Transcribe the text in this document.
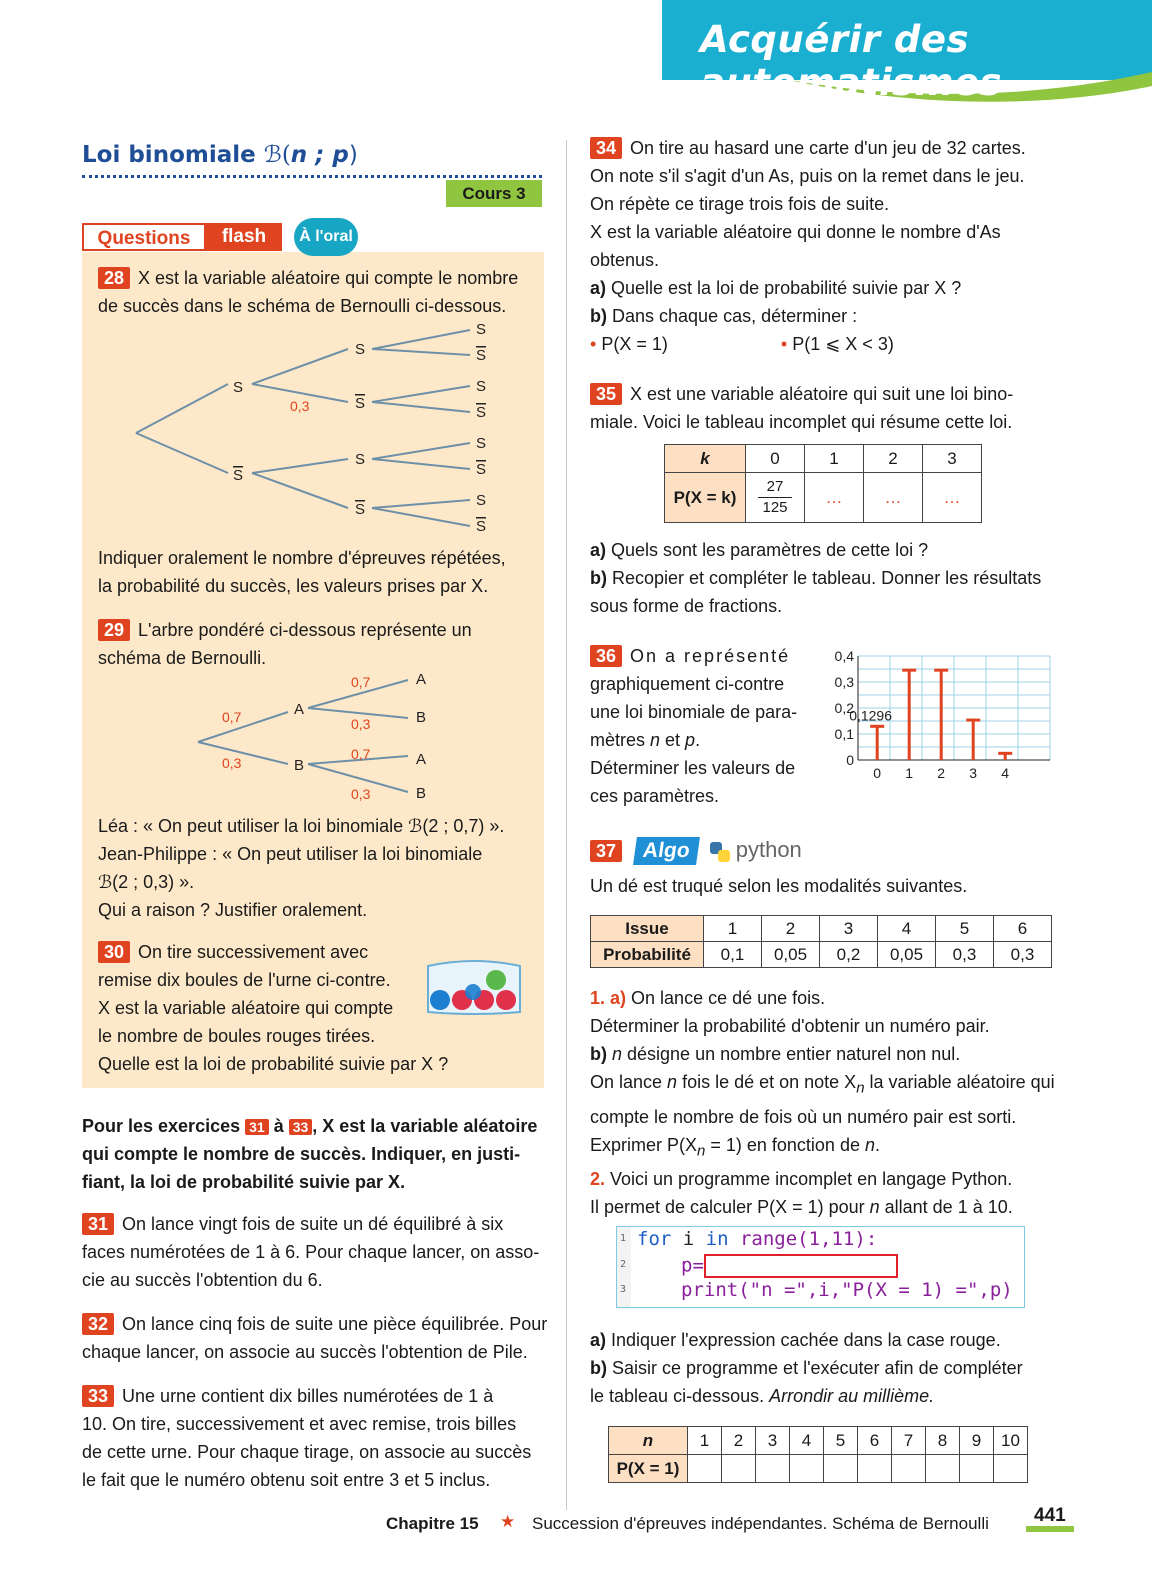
Acquérir des automatismes
Loi binomiale ℬ(n ; p)
Cours 3
Questions	flash	À l'oral
28 X est la variable aléatoire qui compte le nombre
de succès dans le schéma de Bernoulli ci-dessous.
S
S
S
S
S
S
S
S
S
S
S
S
S
S
0,3
Indiquer oralement le nombre d'épreuves répétées,
la probabilité du succès, les valeurs prises par X.
29 L'arbre pondéré ci-dessous représente un
schéma de Bernoulli.
A
B
A
B
A
B
0,7
0,3
0,7
0,3
0,7
0,3
Léa : « On peut utiliser la loi binomiale ℬ(2 ; 0,7) ».
Jean-Philippe : « On peut utiliser la loi binomiale
ℬ(2 ; 0,3) ».
Qui a raison ? Justifier oralement.
30 On tire successivement avec
remise dix boules de l'urne ci-contre.
X est la variable aléatoire qui compte
le nombre de boules rouges tirées.
Quelle est la loi de probabilité suivie par X ?
Pour les exercices 31 à 33 , X est la variable aléatoire
qui compte le nombre de succès. Indiquer, en justi-
fiant, la loi de probabilité suivie par X.
31 On lance vingt fois de suite un dé équilibré à six
faces numérotées de 1 à 6. Pour chaque lancer, on asso-
cie au succès l'obtention du 6.
32 On lance cinq fois de suite une pièce équilibrée. Pour
chaque lancer, on associe au succès l'obtention de Pile.
33 Une urne contient dix billes numérotées de 1 à
10. On tire, successivement et avec remise, trois billes
de cette urne. Pour chaque tirage, on associe au succès
le fait que le numéro obtenu soit entre 3 et 5 inclus.
34 On tire au hasard une carte d'un jeu de 32 cartes.
On note s'il s'agit d'un As, puis on la remet dans le jeu.
On répète ce tirage trois fois de suite.
X est la variable aléatoire qui donne le nombre d'As
obtenus.
a) Quelle est la loi de probabilité suivie par X ?
b) Dans chaque cas, déterminer :
• P(X = 1)	• P(1 ⩽ X < 3)
35 X est une variable aléatoire qui suit une loi bino-
miale. Voici le tableau incomplet qui résume cette loi.
k	0	1	2	3
P(X = k)	27
125	…	…	…
a) Quels sont les paramètres de cette loi ?
b) Recopier et compléter le tableau. Donner les résultats
sous forme de fractions.
36 On a représenté
graphiquement ci-contre
une loi binomiale de para-
mètres n et p.
Déterminer les valeurs de
ces paramètres.
0
0,1
0,2
0,3
0,4
0 1 2 3 4
0,1296
37 Algo python
Un dé est truqué selon les modalités suivantes.
Issue	1	2	3	4	5	6
Probabilité	0,1	0,05	0,2	0,05	0,3	0,3
1. a) On lance ce dé une fois.
Déterminer la probabilité d'obtenir un numéro pair.
b) n désigne un nombre entier naturel non nul.
On lance n fois le dé et on note $X_n$ la variable aléatoire qui
compte le nombre de fois où un numéro pair est sorti.
Exprimer $P(X_n = 1)$ en fonction de n.
2. Voici un programme incomplet en langage Python.
Il permet de calculer P(X = 1) pour n allant de 1 à 10.
1
2
3
for i in range(1,11):
p=
print("n =",i,"P(X = 1) =",p)
a) Indiquer l'expression cachée dans la case rouge.
b) Saisir ce programme et l'exécuter afin de compléter
le tableau ci-dessous. Arrondir au millième.
n	1	2	3	4	5	6	7	8	9	10
P(X = 1)										
Chapitre 15 ★ Succession d'épreuves indépendantes. Schéma de Bernoulli 441
